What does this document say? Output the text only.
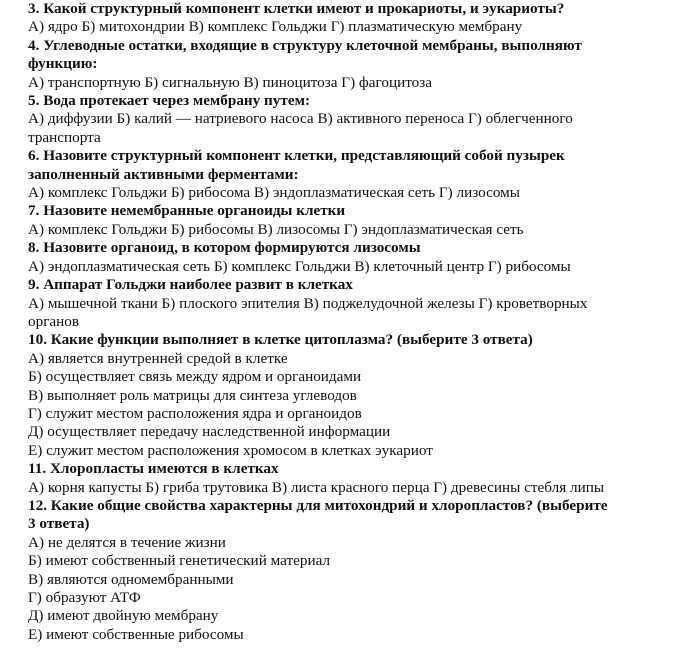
3. Какой структурный компонент клетки имеют и прокариоты, и эукариоты?
А) ядро Б) митохондрии В) комплекс Гольджи Г) плазматическую мембрану
4. Углеводные остатки, входящие в структуру клеточной мембраны, выполняют
функцию:
А) транспортную Б) сигнальную В) пиноцитоза Г) фагоцитоза
5. Вода протекает через мембрану путем:
А) диффузии Б) калий — натриевого насоса В) активного переноса Г) облегченного
транспорта
6. Назовите структурный компонент клетки, представляющий собой пузырек
заполненный активными ферментами:
А) комплекс Гольджи Б) рибосома В) эндоплазматическая сеть Г) лизосомы
7. Назовите немембранные органоиды клетки
А) комплекс Гольджи Б) рибосомы В) лизосомы Г) эндоплазматическая сеть
8. Назовите органоид, в котором формируются лизосомы
А) эндоплазматическая сеть Б) комплекс Гольджи В) клеточный центр Г) рибосомы
9. Аппарат Гольджи наиболее развит в клетках
А) мышечной ткани Б) плоского эпителия В) поджелудочной железы Г) кроветворных
органов
10. Какие функции выполняет в клетке цитоплазма? (выберите 3 ответа)
А) является внутренней средой в клетке
Б) осуществляет связь между ядром и органоидами
В) выполняет роль матрицы для синтеза углеводов
Г) служит местом расположения ядра и органоидов
Д) осуществляет передачу наследственной информации
Е) служит местом расположения хромосом в клетках эукариот
11. Хлоропласты имеются в клетках
А) корня капусты Б) гриба трутовика В) листа красного перца Г) древесины стебля липы
12. Какие общие свойства характерны для митохондрий и хлоропластов? (выберите
3 ответа)
А) не делятся в течение жизни
Б) имеют собственный генетический материал
В) являются одномембранными
Г) образуют АТФ
Д) имеют двойную мембрану
Е) имеют собственные рибосомы
